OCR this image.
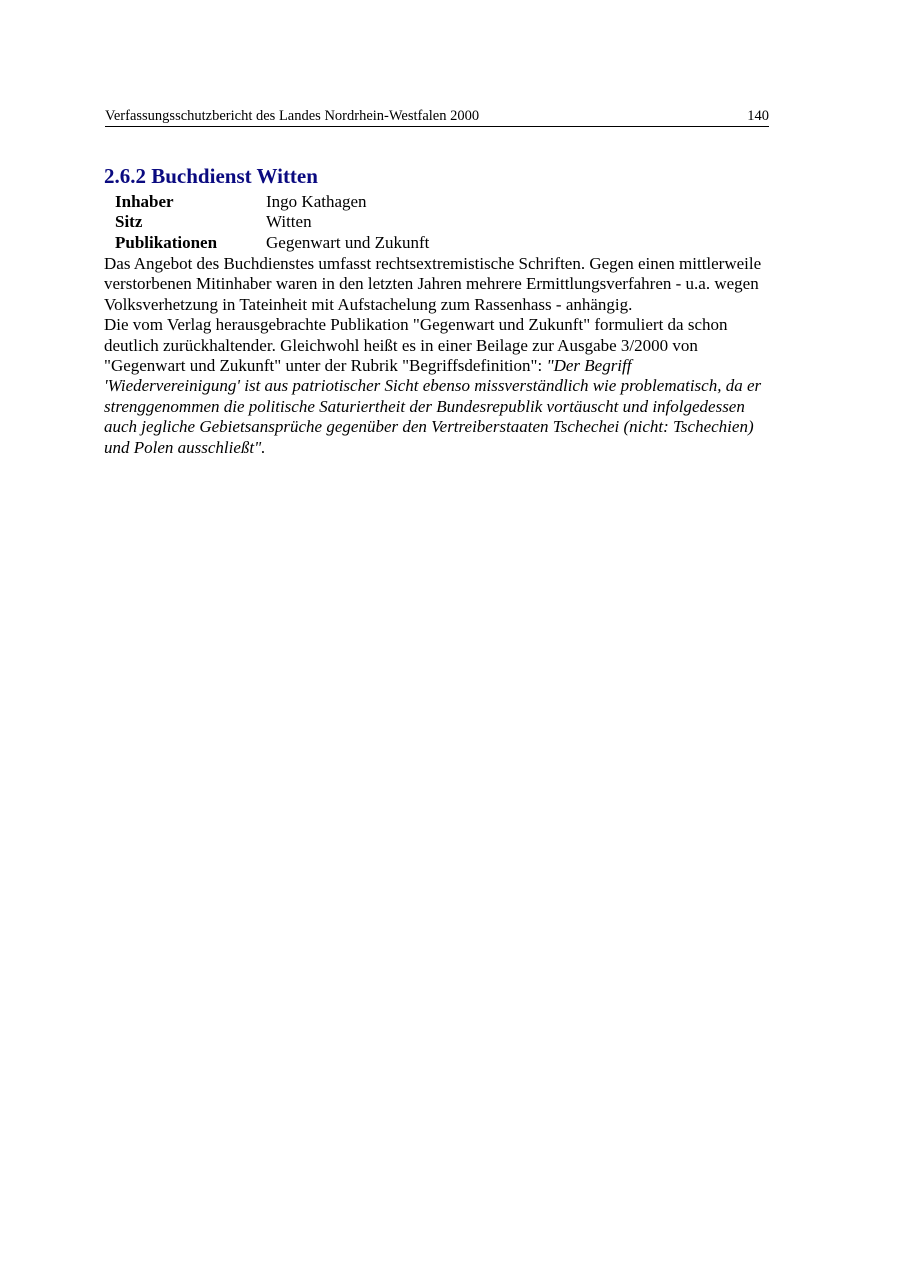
Verfassungsschutzbericht des Landes Nordrhein-Westfalen 2000	140
2.6.2 Buchdienst Witten
Inhaber	Ingo Kathagen
Sitz	Witten
Publikationen	Gegenwart und Zukunft
Das Angebot des Buchdienstes umfasst rechtsextremistische Schriften. Gegen einen mittlerweile
verstorbenen Mitinhaber waren in den letzten Jahren mehrere Ermittlungsverfahren - u.a. wegen
Volksverhetzung in Tateinheit mit Aufstachelung zum Rassenhass - anhängig.
Die vom Verlag herausgebrachte Publikation "Gegenwart und Zukunft" formuliert da schon
deutlich zurückhaltender. Gleichwohl heißt es in einer Beilage zur Ausgabe 3/2000 von
"Gegenwart und Zukunft" unter der Rubrik "Begriffsdefinition": "Der Begriff
'Wiedervereinigung' ist aus patriotischer Sicht ebenso missverständlich wie problematisch, da er
strenggenommen die politische Saturiertheit der Bundesrepublik vortäuscht und infolgedessen
auch jegliche Gebietsansprüche gegenüber den Vertreiberstaaten Tschechei (nicht: Tschechien)
und Polen ausschließt".
